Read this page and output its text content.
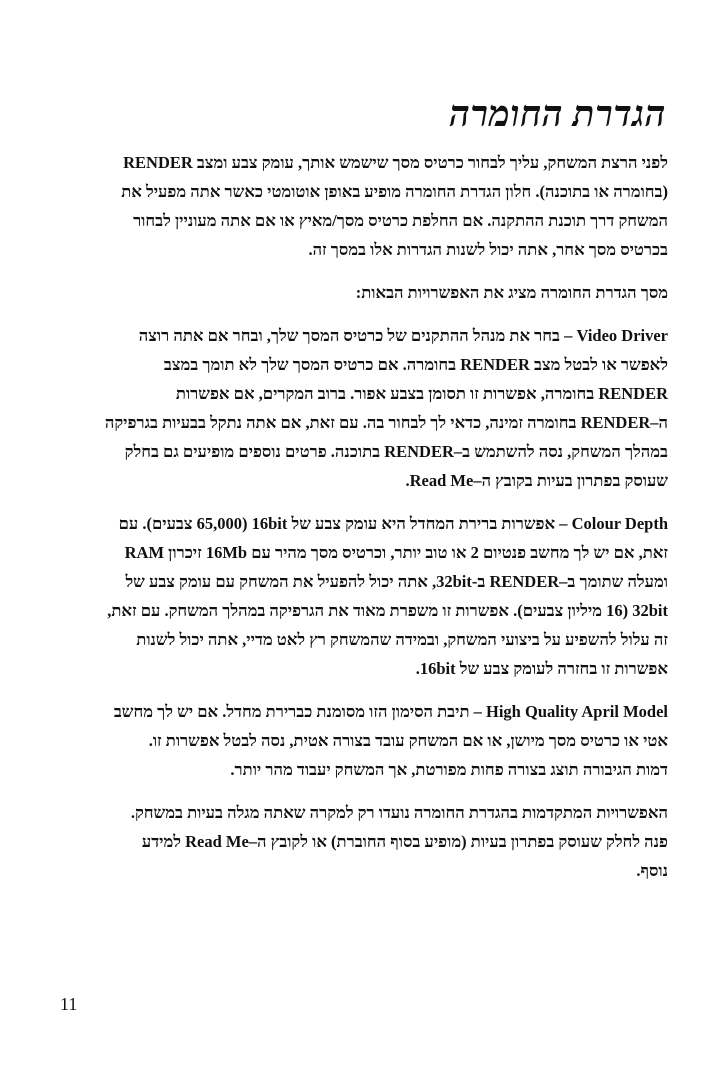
הגדרת החומרה

לפני הרצת המשחק, עליך לבחור כרטיס מסך שישמש אותך, עומק צבע ומצב RENDER
(בחומרה או בתוכנה). חלון הגדרת החומרה מופיע באופן אוטומטי כאשר אתה מפעיל את
המשחק דרך תוכנת ההתקנה. אם החלפת כרטיס מסך/מאיץ או אם אתה מעוניין לבחור
בכרטיס מסך אחר, אתה יכול לשנות הגדרות אלו במסך זה.

מסך הגדרת החומרה מציג את האפשרויות הבאות:

Video Driver – בחר את מנהל ההתקנים של כרטיס המסך שלך, ובחר אם אתה רוצה
לאפשר או לבטל מצב RENDER בחומרה. אם כרטיס המסך שלך לא תומך במצב
RENDER בחומרה, אפשרות זו תסומן בצבע אפור. ברוב המקרים, אם אפשרות
ה–RENDER בחומרה זמינה, כדאי לך לבחור בה. עם זאת, אם אתה נתקל בבעיות בגרפיקה
במהלך המשחק, נסה להשתמש ב–RENDER בתוכנה. פרטים נוספים מופיעים גם בחלק
שעוסק בפתרון בעיות בקובץ ה–Read Me.

Colour Depth – אפשרות ברירת המחדל היא עומק צבע של 16bit (65,000 צבעים). עם
זאת, אם יש לך מחשב פנטיום 2 או טוב יותר, וכרטיס מסך מהיר עם 16Mb זיכרון RAM
ומעלה שתומך ב–RENDER ב-32bit, אתה יכול להפעיל את המשחק עם עומק צבע של
32bit (16 מיליון צבעים). אפשרות זו משפרת מאוד את הגרפיקה במהלך המשחק. עם זאת,
זה עלול להשפיע על ביצועי המשחק, ובמידה שהמשחק רץ לאט מדיי, אתה יכול לשנות
אפשרות זו בחזרה לעומק צבע של 16bit.

High Quality April Model – תיבת הסימון הזו מסומנת כברירת מחדל. אם יש לך מחשב
אטי או כרטיס מסך מיושן, או אם המשחק עובד בצורה אטית, נסה לבטל אפשרות זו.
דמות הגיבורה תוצג בצורה פחות מפורטת, אך המשחק יעבוד מהר יותר.

האפשרויות המתקדמות בהגדרת החומרה נועדו רק למקרה שאתה מגלה בעיות במשחק.
פנה לחלק שעוסק בפתרון בעיות (מופיע בסוף החוברת) או לקובץ ה–Read Me למידע
נוסף.

11
